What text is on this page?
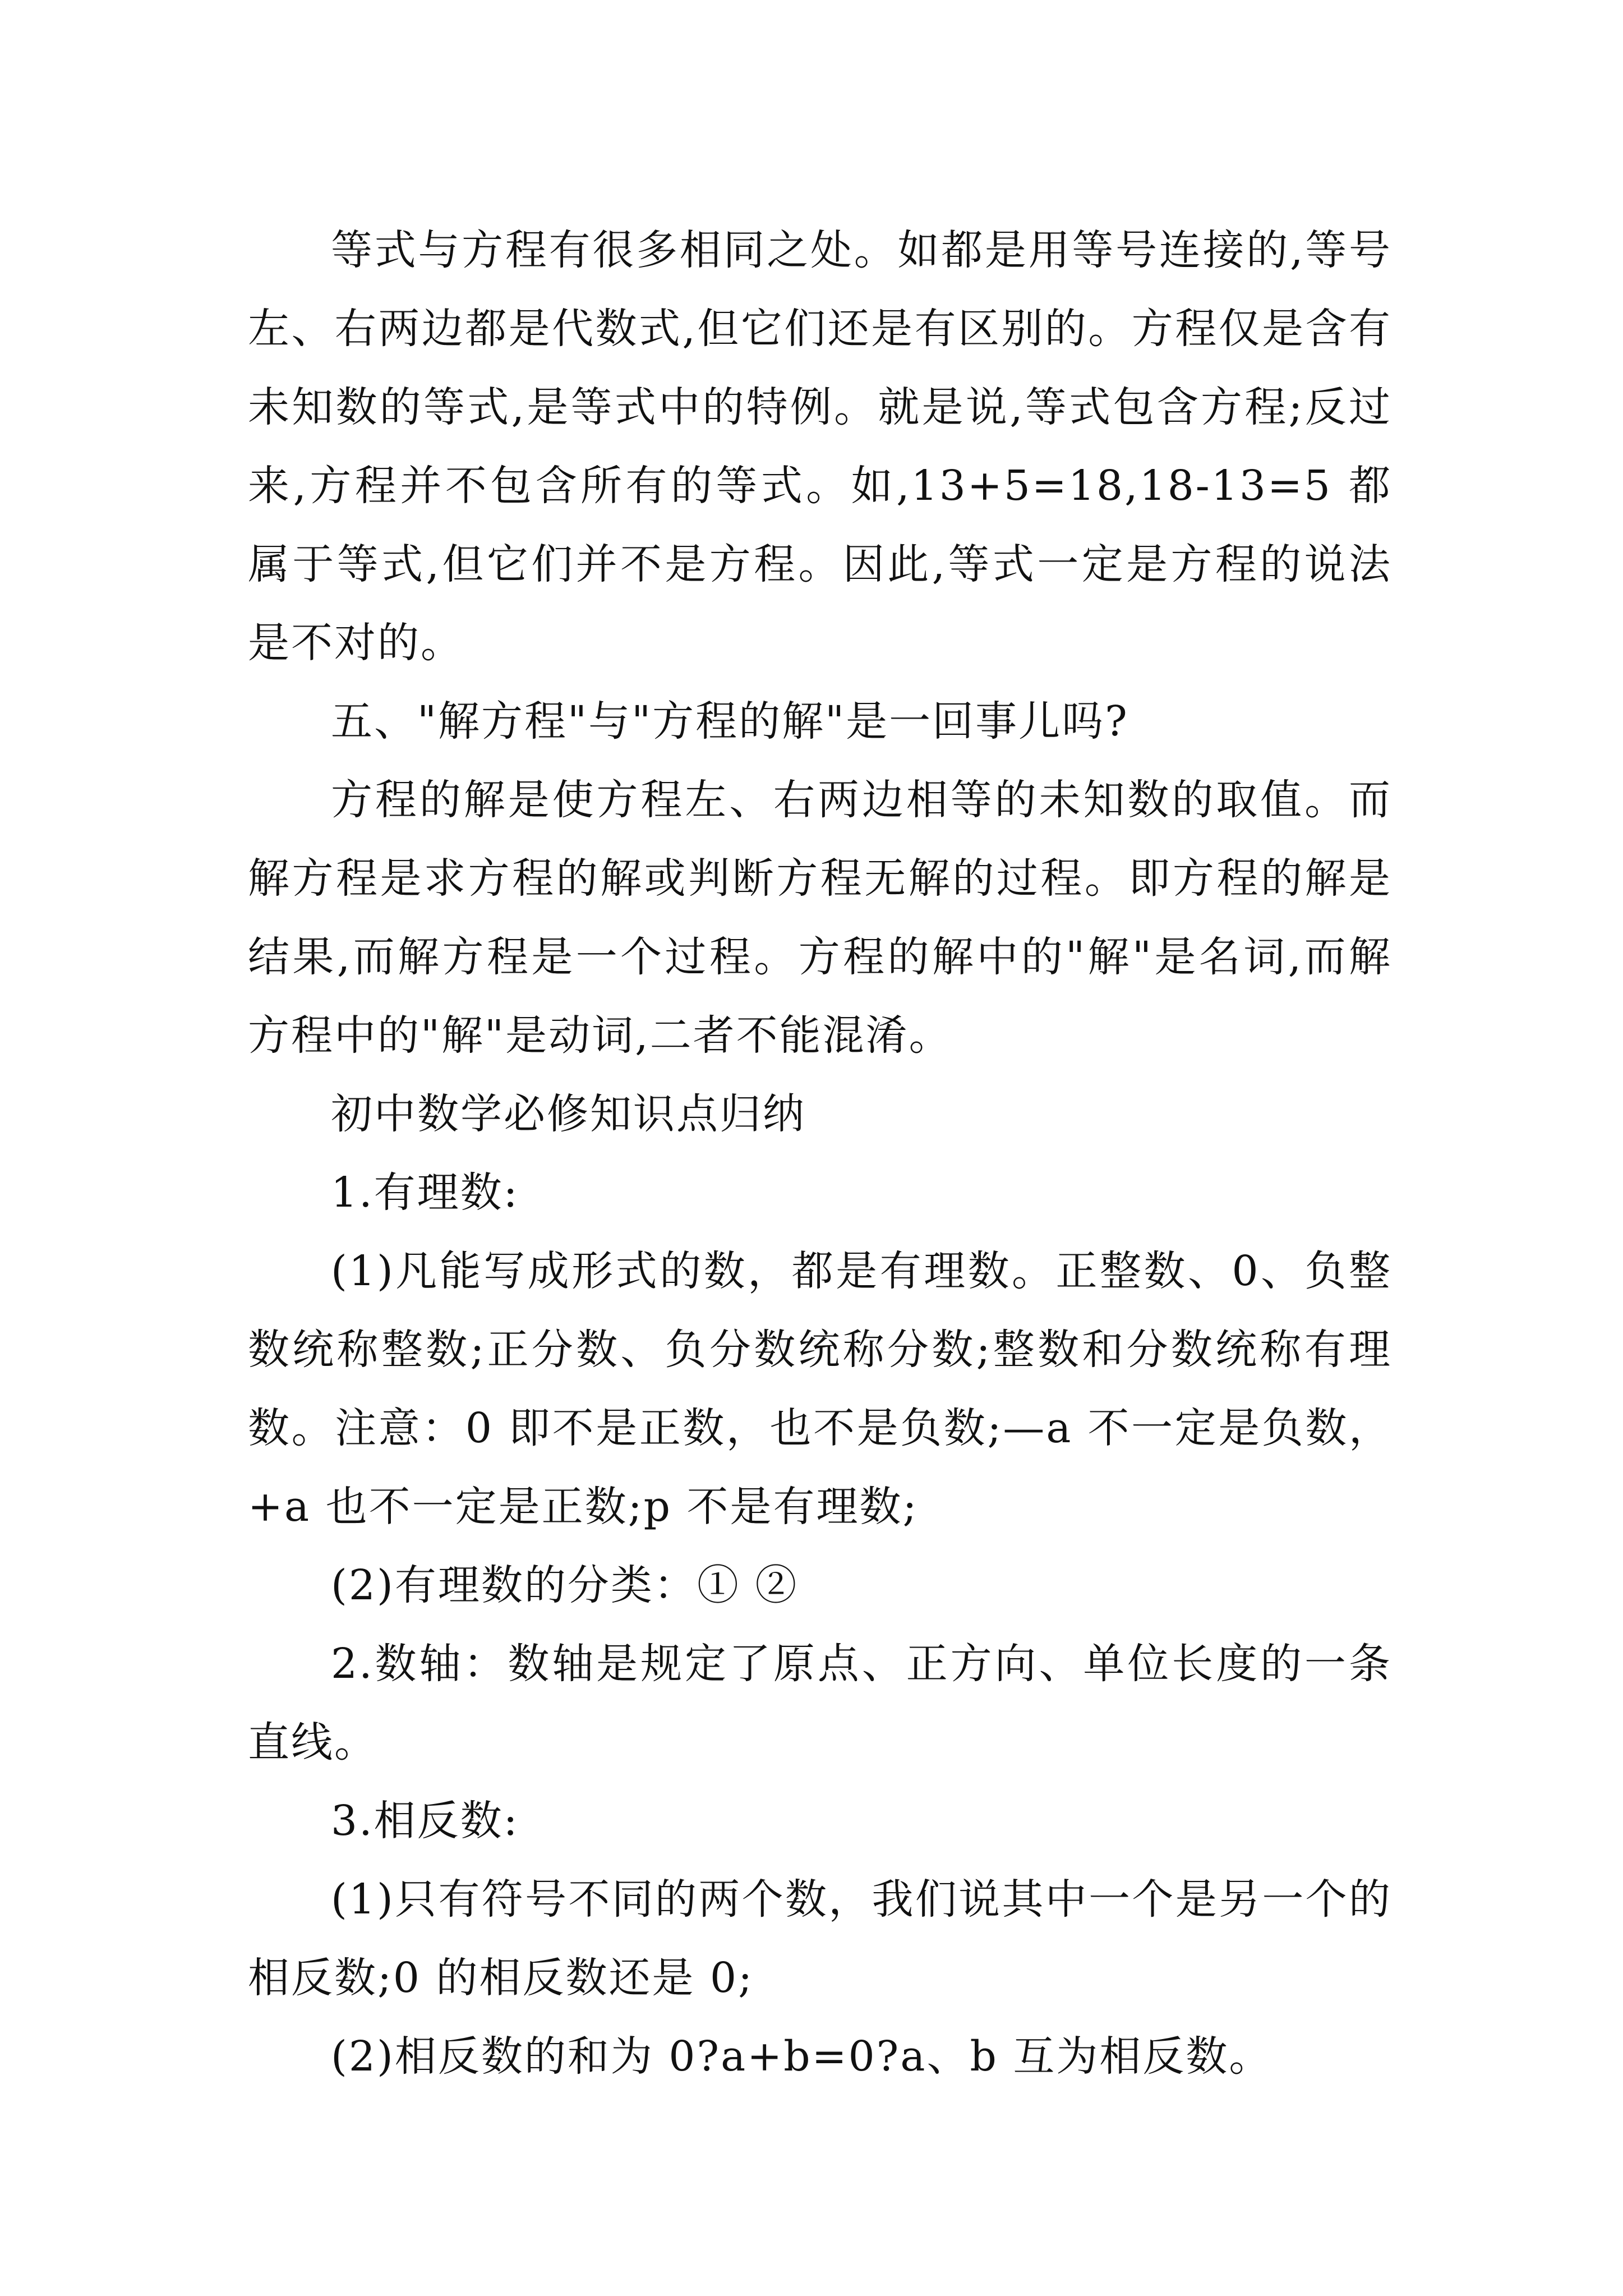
等式与方程有很多相同之处。如都是用等号连接的,等号左、右两边都是代数式,但它们还是有区别的。方程仅是含有未知数的等式,是等式中的特例。就是说,等式包含方程;反过来,方程并不包含所有的等式。如,13+5=18,18-13=5 都属于等式,但它们并不是方程。因此,等式一定是方程的说法是不对的。

五、"解方程"与"方程的解"是一回事儿吗?

方程的解是使方程左、右两边相等的未知数的取值。而解方程是求方程的解或判断方程无解的过程。即方程的解是结果,而解方程是一个过程。方程的解中的"解"是名词,而解方程中的"解"是动词,二者不能混淆。

初中数学必修知识点归纳

1.有理数:

(1)凡能写成形式的数，都是有理数。正整数、0、负整数统称整数;正分数、负分数统称分数;整数和分数统称有理数。注意：0 即不是正数，也不是负数;—a 不一定是负数，+a 也不一定是正数;p 不是有理数;

(2)有理数的分类：① ②

2.数轴：数轴是规定了原点、正方向、单位长度的一条直线。

3.相反数:

(1)只有符号不同的两个数，我们说其中一个是另一个的相反数;0 的相反数还是 0;

(2)相反数的和为 0?a+b=0?a、b 互为相反数。
